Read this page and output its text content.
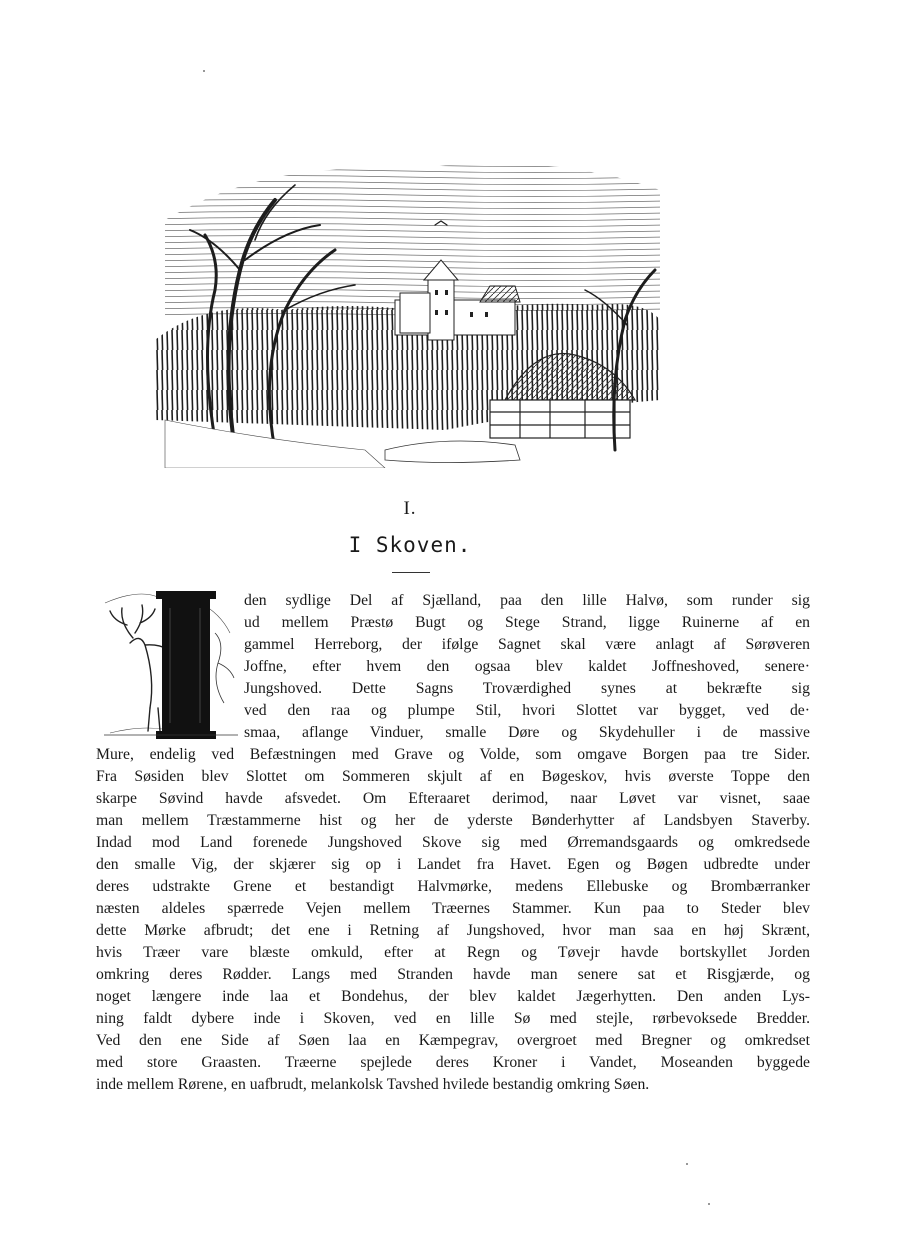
I.
I Skoven.
den sydlige Del af Sjælland, paa den lille Halvø, som runder sig
ud mellem Præstø Bugt og Stege Strand, ligge Ruinerne af en
gammel Herreborg, der ifølge Sagnet skal være anlagt af Sørøveren
Joffne, efter hvem den ogsaa blev kaldet Joffneshoved, senere·
Jungshoved. Dette Sagns Troværdighed synes at bekræfte sig
ved den raa og plumpe Stil, hvori Slottet var bygget, ved de·
smaa, aflange Vinduer, smalle Døre og Skydehuller i de massive
Mure, endelig ved Befæstningen med Grave og Volde, som omgave Borgen paa tre Sider.
Fra Søsiden blev Slottet om Sommeren skjult af en Bøgeskov, hvis øverste Toppe den
skarpe Søvind havde afsvedet. Om Efteraaret derimod, naar Løvet var visnet, saae
man mellem Træstammerne hist og her de yderste Bønderhytter af Landsbyen Staverby.
Indad mod Land forenede Jungshoved Skove sig med Ørremandsgaards og omkredsede
den smalle Vig, der skjærer sig op i Landet fra Havet. Egen og Bøgen udbredte under
deres udstrakte Grene et bestandigt Halvmørke, medens Ellebuske og Brombærranker
næsten aldeles spærrede Vejen mellem Træernes Stammer. Kun paa to Steder blev
dette Mørke afbrudt; det ene i Retning af Jungshoved, hvor man saa en høj Skrænt,
hvis Træer vare blæste omkuld, efter at Regn og Tøvejr havde bortskyllet Jorden
omkring deres Rødder. Langs med Stranden havde man senere sat et Risgjærde, og
noget længere inde laa et Bondehus, der blev kaldet Jægerhytten. Den anden Lys-
ning faldt dybere inde i Skoven, ved en lille Sø med stejle, rørbevoksede Bredder.
Ved den ene Side af Søen laa en Kæmpegrav, overgroet med Bregner og omkredset
med store Graasten. Træerne spejlede deres Kroner i Vandet, Moseanden byggede
inde mellem Rørene, en uafbrudt, melankolsk Tavshed hvilede bestandig omkring Søen.
